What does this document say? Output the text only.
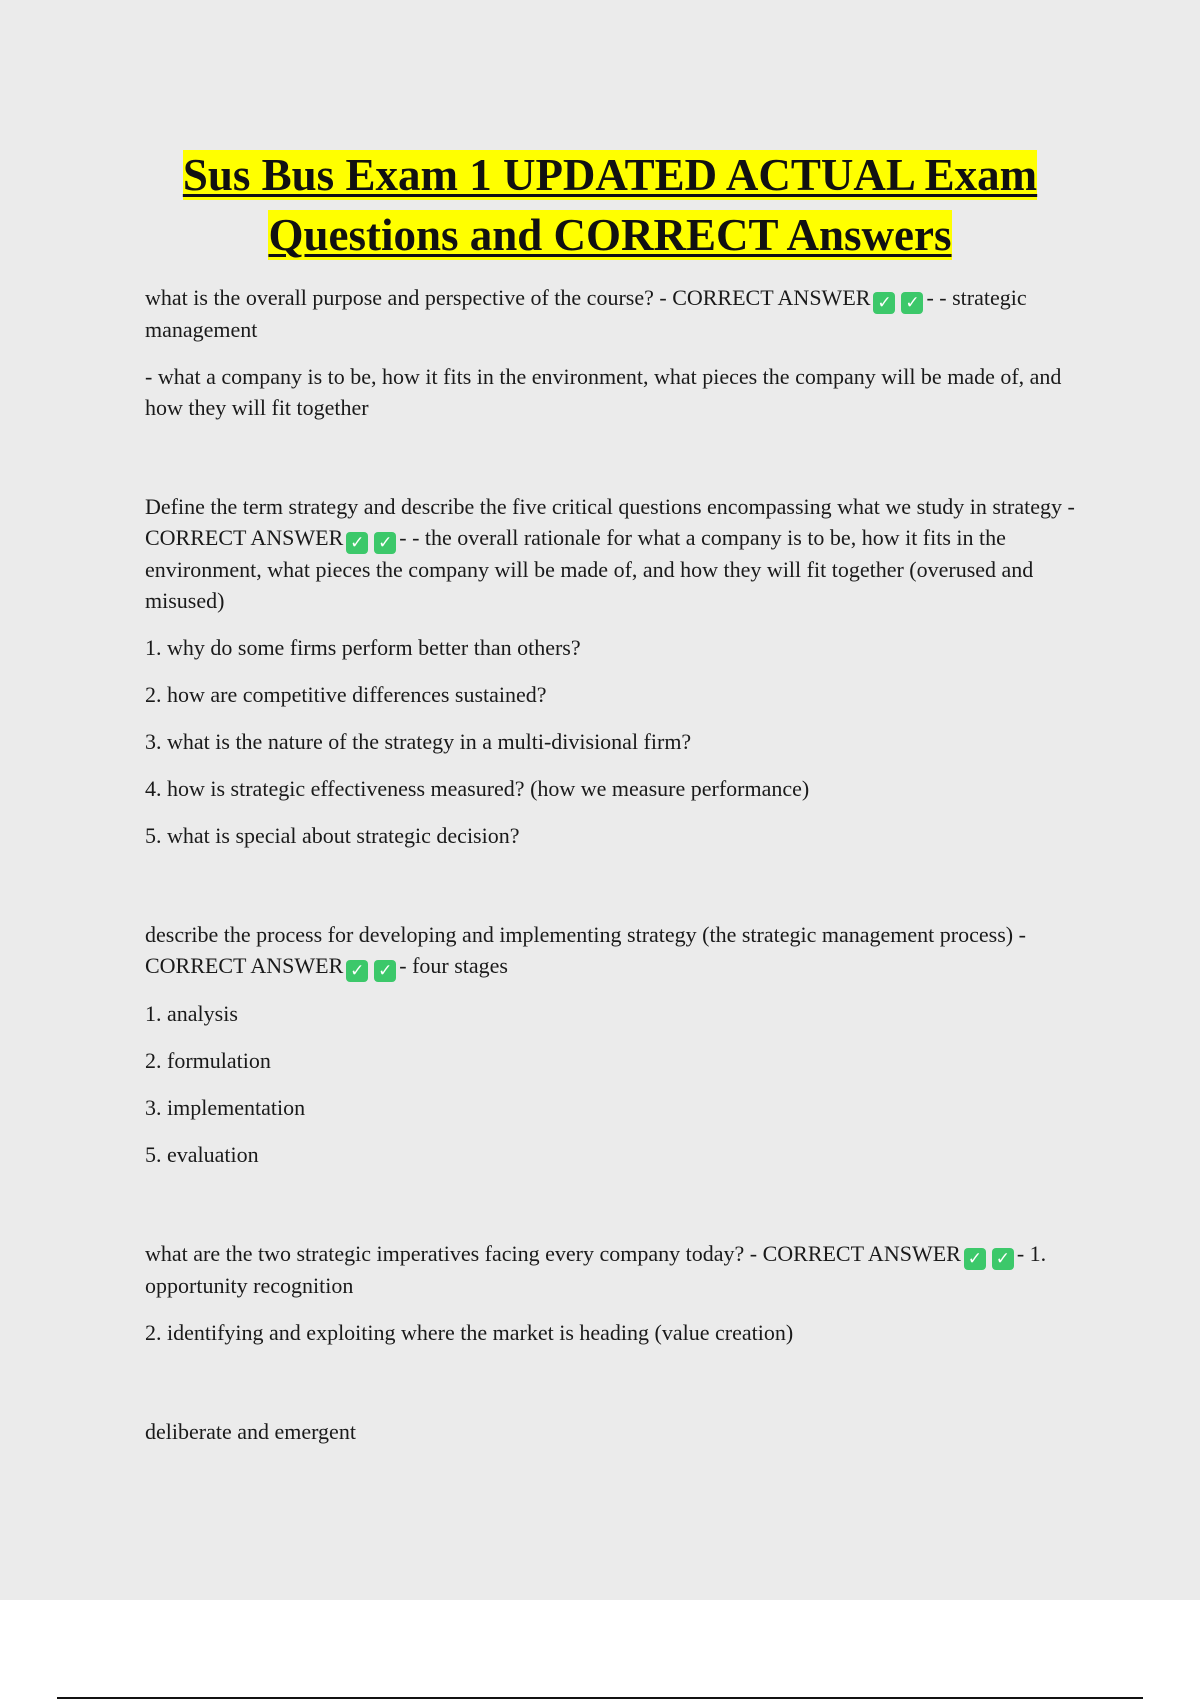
Sus Bus Exam 1 UPDATED ACTUAL Exam Questions and CORRECT Answers
what is the overall purpose and perspective of the course? - CORRECT ANSWER ✓ ✓ - - strategic management
- what a company is to be, how it fits in the environment, what pieces the company will be made of, and how they will fit together
Define the term strategy and describe the five critical questions encompassing what we study in strategy - CORRECT ANSWER ✓ ✓ - - the overall rationale for what a company is to be, how it fits in the environment, what pieces the company will be made of, and how they will fit together (overused and misused)
1. why do some firms perform better than others?
2. how are competitive differences sustained?
3. what is the nature of the strategy in a multi-divisional firm?
4. how is strategic effectiveness measured? (how we measure performance)
5. what is special about strategic decision?
describe the process for developing and implementing strategy (the strategic management process) - CORRECT ANSWER ✓ ✓ - four stages
1. analysis
2. formulation
3. implementation
5. evaluation
what are the two strategic imperatives facing every company today? - CORRECT ANSWER ✓ ✓ - 1. opportunity recognition
2. identifying and exploiting where the market is heading (value creation)
deliberate and emergent
